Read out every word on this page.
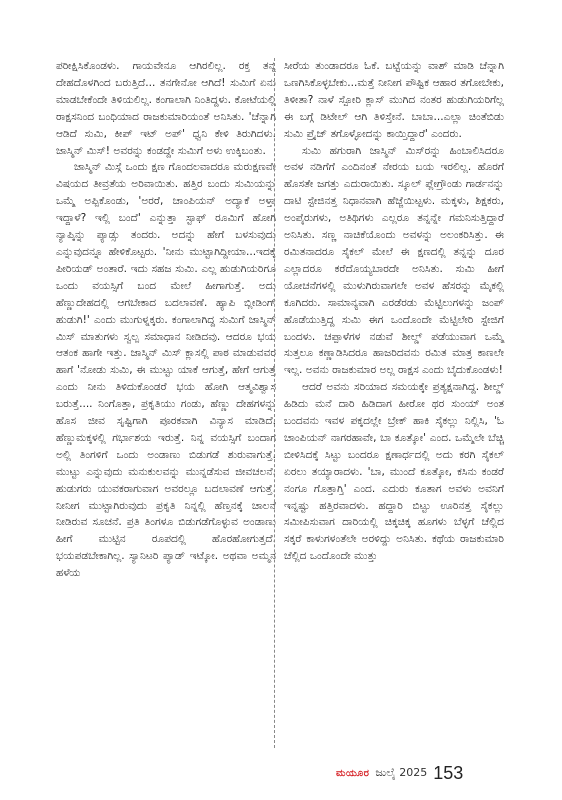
ಪರೀಕ್ಷಿಸಿಕೊಂಡಳು. ಗಾಯವೇನೂ ಆಗಿರಲಿಲ್ಲ. ರಕ್ತ ತನ್ನ ದೇಹದೊಳಗಿಂದ ಬರುತ್ತಿದೆ... ತನಗೇನೋ ಆಗಿದೆ! ಸುಮಿಗೆ ಏನು ಮಾಡಬೇಕೆಂದೇ ತಿಳಿಯಲಿಲ್ಲ. ಕಂಗಾಲಾಗಿ ನಿಂತಿದ್ದಳು. ಕೋಟೆಯಲ್ಲಿ ರಾಕ್ಷಸನಿಂದ ಬಂಧಿಯಾದ ರಾಜಕುಮಾರಿಯಂತೆ ಅನಿಸಿತು. 'ಚೆನ್ನಾಗಿ ಆಡಿದೆ ಸುಮಿ, ಕೀಪ್ ಇಟ್ ಅಪ್' ಧ್ವನಿ ಕೇಳಿ ತಿರುಗಿದಳು. ಜಾಸ್ಮಿನ್ ಮಿಸ್! ಅವರನ್ನು ಕಂಡದ್ದೇ ಸುಮಿಗೆ ಅಳು ಉಕ್ಕಿಬಂತು.

ಜಾಸ್ಮಿನ್ ಮಿಸ್ಗೆ ಒಂದು ಕ್ಷಣ ಗೊಂದಲವಾದರೂ ಮರುಕ್ಷಣವೇ ವಿಷಯದ ತೀವ್ರತೆಯ ಅರಿವಾಯಿತು. ಹತ್ತಿರ ಬಂದು ಸುಮಿಯನ್ನು ಒಮ್ಮೆ ಅಪ್ಪಿಕೊಂಡು, 'ಅರರೆ, ಚಾಂಪಿಯನ್ ಅದ್ಯಾಕೆ ಅಳ್ತಾ ಇದ್ದಾಳೆ? ಇಲ್ಲಿ ಬಂದೆ' ಎನ್ನುತ್ತಾ ಸ್ಟಾಫ್ ರೂಮಿಗೆ ಹೋಗಿ ನ್ಯಾಪ್ಕಿನ್ನು ಪ್ಯಾಡ್ಸು ತಂದರು. ಅದನ್ನು ಹೇಗೆ ಬಳಸುವುದು ಎನ್ನುವುದನ್ನೂ ಹೇಳಿಕೊಟ್ಟರು. 'ನೀನು ಮುಟ್ಟಾಗಿದ್ದೀಯಾ...ಇದಕ್ಕೆ ಪೀರಿಯಡ್ ಅಂತಾರೆ. ಇದು ಸಹಜ ಸುಮಿ. ಎಲ್ಲ ಹುಡುಗಿಯರಿಗೂ ಒಂದು ವಯಸ್ಸಿಗೆ ಬಂದ ಮೇಲೆ ಹೀಗಾಗುತ್ತೆ. ಅದು ಹೆಣ್ಣುದೇಹದಲ್ಲಿ ಆಗಬೇಕಾದ ಬದಲಾವಣೆ. ಹ್ಯಾಪಿ ಬ್ಲೀಡಿಂಗ್ ಹುಡುಗಿ!' ಎಂದು ಮುಗುಳ್ನಕ್ಕರು. ಕಂಗಾಲಾಗಿದ್ದ ಸುಮಿಗೆ ಜಾಸ್ಮಿನ್ ಮಿಸ್ ಮಾತುಗಳು ಸ್ವಲ್ಪ ಸಮಾಧಾನ ನೀಡಿದವು. ಆದರೂ ಭಯ ಆತಂಕ ಹಾಗೇ ಇತ್ತು. ಜಾಸ್ಮಿನ್ ಮಿಸ್ ಕ್ಲಾಸಲ್ಲಿ ಪಾಠ ಮಾಡುವವರ ಹಾಗೆ 'ನೋಡು ಸುಮಿ, ಈ ಮುಟ್ಟು ಯಾಕೆ ಆಗುತ್ತೆ, ಹೇಗೆ ಆಗುತ್ತೆ ಎಂದು ನೀನು ತಿಳಿದುಕೊಂಡರೆ ಭಯ ಹೋಗಿ ಆತ್ಮವಿಶ್ವಾಸ ಬರುತ್ತೆ.... ನಿಂಗೊತ್ತಾ, ಪ್ರಕೃತಿಯು ಗಂಡು, ಹೆಣ್ಣು ದೇಹಗಳನ್ನು ಹೊಸ ಜೀವ ಸೃಷ್ಟಿಗಾಗಿ ಪೂರಕವಾಗಿ ವಿನ್ಯಾಸ ಮಾಡಿದೆ. ಹೆಣ್ಣುಮಕ್ಕಳಲ್ಲಿ ಗರ್ಭಾಶಯ ಇರುತ್ತೆ. ನಿನ್ನ ವಯಸ್ಸಿಗೆ ಬಂದಾಗ ಅಲ್ಲಿ ತಿಂಗಳಿಗೆ ಒಂದು ಅಂಡಾಣು ಬಿಡುಗಡೆ ಶುರುವಾಗುತ್ತೆ. ಮುಟ್ಟು ಎನ್ನುವುದು ಮನುಕುಲವನ್ನು ಮುನ್ನಡೆಸುವ ಜೀವಚಲನೆ. ಹುಡುಗರು ಯುವಕರಾಗುವಾಗ ಅವರಲ್ಲೂ ಬದಲಾವಣೆ ಆಗುತ್ತೆ. ನೀನೀಗ ಮುಟ್ಟಾಗಿರುವುದು ಪ್ರಕೃತಿ ನಿನ್ನಲ್ಲಿ ಹೆಣ್ತನಕ್ಕೆ ಚಾಲನೆ ನೀಡಿರುವ ಸೂಚನೆ. ಪ್ರತಿ ತಿಂಗಳೂ ಬಿಡುಗಡೆಗೊಳ್ಳುವ ಅಂಡಾಣು ಹೀಗೆ ಮುಟ್ಟಿನ ರೂಪದಲ್ಲಿ ಹೊರಹೋಗುತ್ತದೆ. ಭಯಪಡಬೇಕಾಗಿಲ್ಲ. ಸ್ಯಾನಿಟರಿ ಪ್ಯಾಡ್ ಇಟ್ಕೋ. ಅಥವಾ ಅಮ್ಮನ ಹಳೆಯ

ಸೀರೆಯ ತುಂಡಾದರೂ ಓಕೆ. ಬಟ್ಟೆಯನ್ನು ವಾಶ್ ಮಾಡಿ ಚೆನ್ನಾಗಿ ಒಣಗಿಸಿಕೊಳ್ಳಬೇಕು...ಮತ್ತೆ ನೀನೀಗ ಪೌಷ್ಟಿಕ ಆಹಾರ ತಗೋಬೇಕು, ತಿಳೀತಾ? ನಾಳೆ ಸ್ಪೋರಿ ಕ್ಲಾಸ್ ಮುಗಿದ ನಂತರ ಹುಡುಗಿಯರಿಗೆಲ್ಲ ಈ ಬಗ್ಗೆ ಡಿಟೇಲ್ ಆಗಿ ತಿಳಿಸ್ತೇನೆ. ಬಾಬಾ...ಎಲ್ಲಾ ಚಿಂತೆಬಿಡು ಸುಮಿ ಪ್ರೈಜ್ ತಗೊಳ್ಳೋದನ್ನು ಕಾಯ್ತಿದ್ದಾರೆ' ಎಂದರು.

ಸುಮಿ ಹಗುರಾಗಿ ಜಾಸ್ಮಿನ್ ಮಿಸ್‌ರನ್ನು ಹಿಂಬಾಲಿಸಿದರೂ ಅವಳ ನಡಿಗೆಗೆ ಎಂದಿನಂತೆ ನೇರಯ ಬಯ ಇರಲಿಲ್ಲ. ಹೊರಗೆ ಹೊಸತೇ ಜಗತ್ತು ಎದುರಾಯಿತು. ಸ್ಕೂಲ್ ಪ್ಲೇಗ್ರೌಂಡು ಗಾರ್ಡನನ್ನು ದಾಟಿ ಸ್ಟೇಜಿನತ್ತ ನಿಧಾನವಾಗಿ ಹೆಜ್ಜೆಯಿಟ್ಟಳು. ಮಕ್ಕಳು, ಶಿಕ್ಷಕರು, ಅಂಪೈರುಗಳು, ಅತಿಥಿಗಳು ಎಲ್ಲರೂ ತನ್ನನ್ನೇ ಗಮನಿಸುತ್ತಿದ್ದಾರೆ ಅನಿಸಿತು. ಸಣ್ಣ ನಾಚಿಕೆಯೊಂದು ಅವಳನ್ನು ಅಲಂಕರಿಸಿತ್ತು. ಈ ರಮಿತನಾದರೂ ಸೈಕಲ್ ಮೇಲೆ ಈ ಕ್ಷಣದಲ್ಲಿ ತನ್ನನ್ನು ದೂರ ಎಲ್ಲಾದರೂ ಕರೆದೊಯ್ಯಬಾರದೇ ಅನಿಸಿತು. ಸುಮಿ ಹೀಗೆ ಯೋಚನೆಗಳಲ್ಲಿ ಮುಳುಗಿರುವಾಗಲೇ ಅವಳ ಹೆಸರನ್ನು ಮೈಕಲ್ಲಿ ಕೂಗಿದರು. ಸಾಮಾನ್ಯವಾಗಿ ಎರಡೆರಡು ಮೆಟ್ಟಿಲುಗಳನ್ನು ಜಂಪ್ ಹೊಡೆಯುತ್ತಿದ್ದ ಸುಮಿ ಈಗ ಒಂದೊಂದೇ ಮೆಟ್ಟಿಲೇರಿ ಸ್ಟೇಜಿಗೆ ಬಂದಳು. ಚಪ್ಪಾಳೆಗಳ ನಡುವೆ ಶೀಲ್ಡ್ ಪಡೆಯುವಾಗ ಒಮ್ಮೆ ಸುತ್ತಲೂ ಕಣ್ಣಾಡಿಸಿದರೂ ಹಾಜರಿದವನು ರಮಿತ ಮಾತ್ರ ಕಾಣಲೇ ಇಲ್ಲ. ಅವನು ರಾಜಕುಮಾರ ಅಲ್ಲ ರಾಕ್ಷಸ ಎಂದು ಬೈದುಕೊಂಡಳು!

ಆದರೆ ಅವನು ಸರಿಯಾದ ಸಮಯಕ್ಕೇ ಪ್ರತ್ಯಕ್ಷನಾಗಿದ್ದ. ಶೀಲ್ಡ್ ಹಿಡಿದು ಮನೆ ದಾರಿ ಹಿಡಿದಾಗ ಹೀರೋ ಥರ ಸುಂಯ್ ಅಂತ ಬಂದವನು ಇವಳ ಪಕ್ಕದಲ್ಲೇ ಬ್ರೇಕ್ ಹಾಕಿ ಸೈಕಲ್ಲು ನಿಲ್ಲಿಸಿ, 'ಓ ಚಾಂಪಿಯನ್ ನಾಗರಹಾವೇ, ಬಾ ಕೂತ್ಕೋ' ಎಂದ. ಒಮ್ಮೆಲೇ ಬೆಚ್ಚಿ ಬೀಳಿಸಿದಕ್ಕೆ ಸಿಟ್ಟು ಬಂದರೂ ಕ್ಷಣಾರ್ಧದಲ್ಲಿ ಅದು ಕರಗಿ ಸೈಕಲ್ ಏರಲು ತಯ್ಯಾರಾದಳು. 'ಬಾ, ಮುಂದೆ ಕೂತ್ಕೋ, ಕಸಿನು ಕಂಡರೆ ನಂಗೂ ಗೊತ್ತಾಗ್ತಿ' ಎಂದ. ಎದುರು ಕೂತಾಗ ಅವಳು ಅವನಿಗೆ ಇನ್ನಷ್ಟು ಹತ್ತಿರವಾದಳು. ಹದ್ದಾರಿ ಬಿಟ್ಟು ಊರಿನತ್ತ ಸೈಕಲ್ಲು ಸಮೀಪಿಸುವಾಗ ದಾರಿಯಲ್ಲಿ ಚಿಕ್ಕಚಿಕ್ಕ ಹೂಗಳು ಬೆಳ್ಳಗೆ ಚೆಲ್ಲಿದ ಸಕ್ಕರೆ ಕಾಳುಗಳಂತೆಲೇ ಅರಳಿದ್ದು ಅನಿಸಿತು. ಕಥೆಯ ರಾಜಕುಮಾರಿ ಚೆಲ್ಲಿದ ಒಂದೊಂದೇ ಮುತ್ತು

ಮಯೂರ ಜುಲೈ 2025 153
